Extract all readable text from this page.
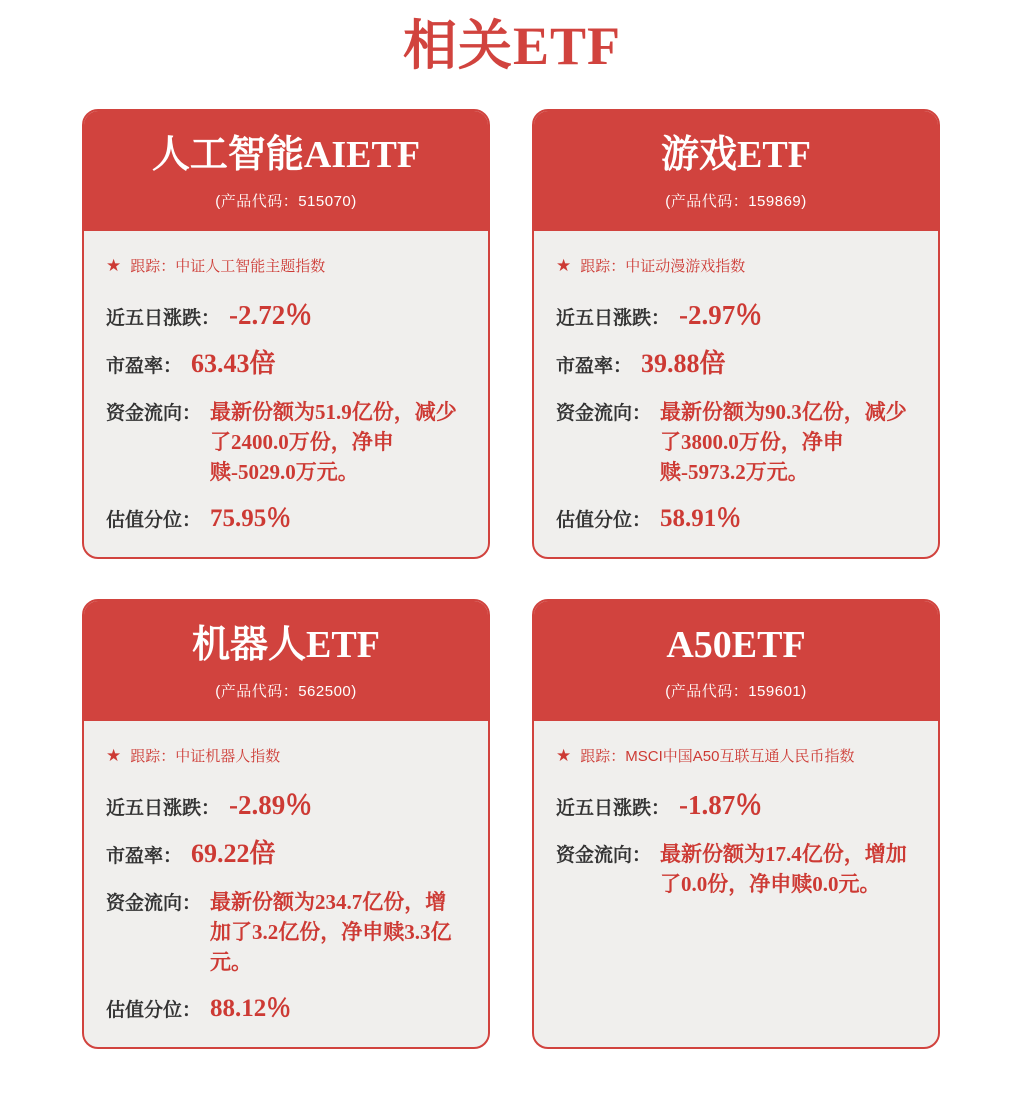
相关ETF
人工智能AIETF
(产品代码：515070)
★ 跟踪： 中证人工智能主题指数
近五日涨跌： -2.72％
市盈率： 63.43倍
资金流向： 最新份额为51.9亿份，减少了2400.0万份，净申赎-5029.0万元。
估值分位： 75.95％
游戏ETF
(产品代码：159869)
★ 跟踪： 中证动漫游戏指数
近五日涨跌： -2.97％
市盈率： 39.88倍
资金流向： 最新份额为90.3亿份，减少了3800.0万份，净申赎-5973.2万元。
估值分位： 58.91％
机器人ETF
(产品代码：562500)
★ 跟踪： 中证机器人指数
近五日涨跌： -2.89％
市盈率： 69.22倍
资金流向： 最新份额为234.7亿份，增加了3.2亿份，净申赎3.3亿元。
估值分位： 88.12％
A50ETF
(产品代码：159601)
★ 跟踪： MSCI中国A50互联互通人民币指数
近五日涨跌： -1.87％
资金流向： 最新份额为17.4亿份，增加了0.0份，净申赎0.0元。
